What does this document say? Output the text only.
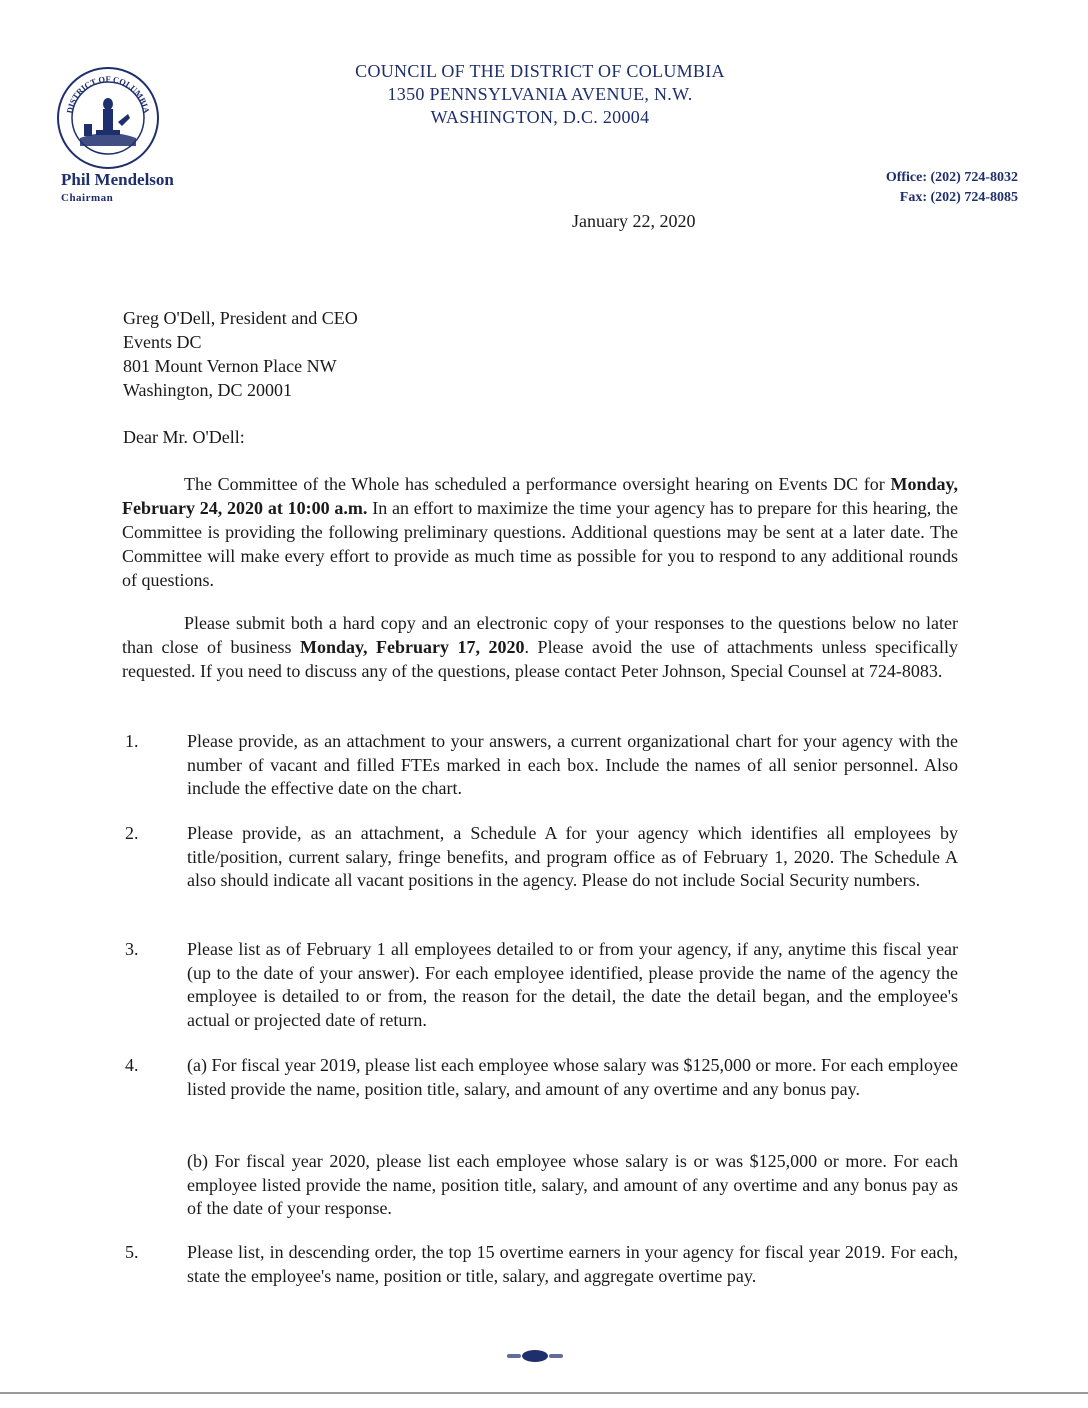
DISTRICT OF COLUMBIA
COUNCIL OF THE DISTRICT OF COLUMBIA
1350 PENNSYLVANIA AVENUE, N.W.
WASHINGTON, D.C. 20004
Phil Mendelson
Chairman
Office: (202) 724-8032
Fax: (202) 724-8085
January 22, 2020
Greg O'Dell, President and CEO
Events DC
801 Mount Vernon Place NW
Washington, DC 20001
Dear Mr. O'Dell:
The Committee of the Whole has scheduled a performance oversight hearing on Events DC for Monday, February 24, 2020 at 10:00 a.m. In an effort to maximize the time your agency has to prepare for this hearing, the Committee is providing the following preliminary questions. Additional questions may be sent at a later date. The Committee will make every effort to provide as much time as possible for you to respond to any additional rounds of questions.
Please submit both a hard copy and an electronic copy of your responses to the questions below no later than close of business Monday, February 17, 2020. Please avoid the use of attachments unless specifically requested. If you need to discuss any of the questions, please contact Peter Johnson, Special Counsel at 724-8083.
1.	Please provide, as an attachment to your answers, a current organizational chart for your agency with the number of vacant and filled FTEs marked in each box. Include the names of all senior personnel. Also include the effective date on the chart.
2.	Please provide, as an attachment, a Schedule A for your agency which identifies all employees by title/position, current salary, fringe benefits, and program office as of February 1, 2020. The Schedule A also should indicate all vacant positions in the agency. Please do not include Social Security numbers.
3.	Please list as of February 1 all employees detailed to or from your agency, if any, anytime this fiscal year (up to the date of your answer). For each employee identified, please provide the name of the agency the employee is detailed to or from, the reason for the detail, the date the detail began, and the employee's actual or projected date of return.
4.	(a) For fiscal year 2019, please list each employee whose salary was $125,000 or more. For each employee listed provide the name, position title, salary, and amount of any overtime and any bonus pay.
(b) For fiscal year 2020, please list each employee whose salary is or was $125,000 or more. For each employee listed provide the name, position title, salary, and amount of any overtime and any bonus pay as of the date of your response.
5.	Please list, in descending order, the top 15 overtime earners in your agency for fiscal year 2019. For each, state the employee's name, position or title, salary, and aggregate overtime pay.
